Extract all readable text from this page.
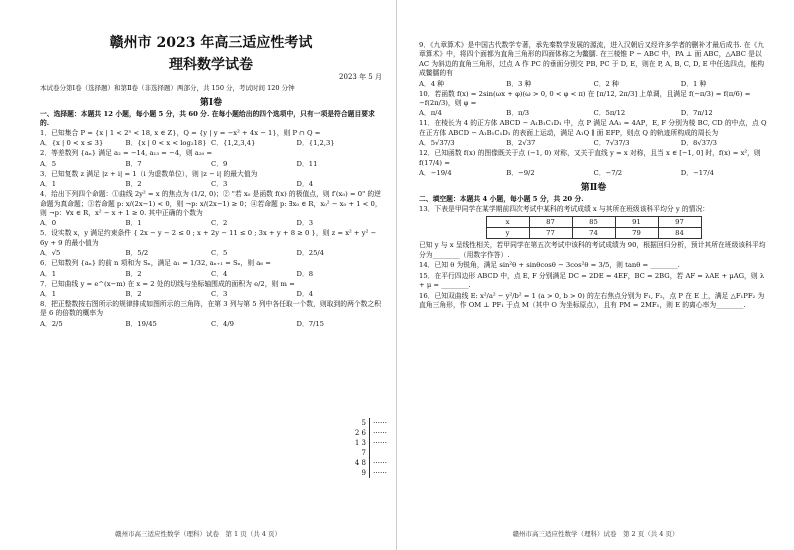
赣州市 2023 年高三适应性考试
理科数学试卷
2023 年 5 月
本试卷分第Ⅰ卷（选择题）和第Ⅱ卷（非选择题）两部分，共 150 分，考试时间 120 分钟
第Ⅰ卷
一、选择题：本题共 12 小题，每小题 5 分，共 60 分. 在每小题给出的四个选项中，只有一项是符合题目要求的.
1．已知集合 P = {x | 1 < 2ˣ < 18, x ∈ Z}，Q = {y | y = −x² + 4x − 1}，则 P ∩ Q =
A．{x | 0 < x ≤ 3}	B．{x | 0 < x < log₂18} C．{1,2,3,4}	D．{1,2,3}
2．等差数列 {aₙ} 满足 a₂ = −14, a₁₃ = −4，则 a₂₀ =
A．5	B．7	C．9	D．11
3．已知复数 z 满足 |z + i| = 1（i 为虚数单位），则 |z − i| 的最大值为
A．1	B．2	C．3	D．4
4．给出下列四个命题：①曲线 2y² = x 的焦点为 (1/2, 0)；② "若 x₀ 是函数 f(x) 的极值点，则 f′(x₀) = 0" 的逆命题为真命题；③若命题 p: x/(2x−1) < 0，则 ¬p: x/(2x−1) ≥ 0；④若命题 p: ∃x₀ ∈ R，x₀² − x₀ + 1 < 0，则 ¬p：∀x ∈ R，x² − x + 1 ≥ 0. 其中正确的个数为
A．0	B．1	C．2	D．3
5．设实数 x，y 满足约束条件 { 2x − y − 2 ≤ 0 ; x + 2y − 11 ≤ 0 ; 3x + y + 8 ≥ 0 }，则 z = x² + y² − 6y + 9 的最小值为
A．√5	B．5/2	C．5	D．25/4
6．已知数列 {aₙ} 的前 n 项和为 Sₙ，满足 a₁ = 1/32, aₙ₊₁ = Sₙ，则 a₆ =
A．1	B．2	C．4	D．8
7．已知曲线 y = e^(x−m) 在 x = 2 处的切线与坐标轴围成的面积为 e/2，则 m =
A．1	B．2	C．3	D．4
8．把正整数按右图所示的规律排成如图所示的三角阵，在第 3 列与第 5 列中各任取一个数，则取到的两个数之积是 6 的倍数的概率为
A．2/5	B．19/45	C．4/9	D．7/15
赣州市高三适应性数学（理科）试卷　第 1 页（共 4 页）
5	⋯⋯
2 6	⋯⋯
1 3 7
⋯⋯
4 8	⋯⋯
9	⋯⋯
9．《九章算术》是中国古代数学专著，承先秦数学发展的源流，进入汉朝后又经许多学者的删补才最后成书. 在《九章算术》中，将四个面都为直角三角形的四面体称之为鳖臑. 在三棱锥 P − ABC 中，PA ⊥ 面 ABC，△ABC 是以 AC 为斜边的直角三角形，过点 A 作 PC 的垂面分别交 PB, PC 于 D, E，则在 P, A, B, C, D, E 中任选四点，能构成鳖臑的有
A．4 种	B．3 种	C．2 种	D．1 种
10．若函数 f(x) = 2sin(ωx + φ)(ω > 0, 0 < φ < π) 在 [π/12, 2π/3] 上单调，且满足 f(−π/3) = f(π/6) = −f(2π/3)，则 φ =
A．π/4	B．π/3	C．5π/12	D．7π/12
11．在棱长为 4 的正方体 ABCD − A₁B₁C₁D₁ 中，点 P 满足 AA₁ = 4AP，E, F 分别为棱 BC, CD 的中点，点 Q 在正方体 ABCD − A₁B₁C₁D₁ 的表面上运动，满足 A₁Q ∥ 面 EFP，则点 Q 的轨迹所构成的周长为
A．5√37/3	B．2√37	C．7√37/3	D．8√37/3
12．已知函数 f(x) 的图像既关于点 (−1, 0) 对称，又关于直线 y = x 对称，且当 x ∈ [−1, 0] 时，f(x) = x²，则 f(17/4) =
A．−19/4	B．−9/2	C．−7/2	D．−17/4
第Ⅱ卷
二、填空题：本题共 4 小题，每小题 5 分，共 20 分.
13．下表是甲同学在某学期前四次考试中某科的考试成绩 x 与其所在班级该科平均分 y 的情况：
x	87	85	91	97
y	77	74	79	84
已知 y 与 x 呈线性相关，若甲同学在第五次考试中该科的考试成绩为 90，根据回归分析，预计其所在班级该科平均分为________（用数字作答）.
14．已知 θ 为锐角，满足 sin²θ + sinθcosθ − 3cos²θ = 3/5，则 tanθ = ________.
15．在平行四边形 ABCD 中，点 E, F 分别满足 DC = 2DE = 4EF，BC = 2BG，若 AF = λAE + μAG，则 λ + μ = ________.
16．已知双曲线 E: x²/a² − y²/b² = 1 (a > 0, b > 0) 的左右焦点分别为 F₁, F₂，点 P 在 E 上，满足 △F₁PF₂ 为直角三角形，作 OM ⊥ PF₁ 于点 M（其中 O 为坐标原点），且有 PM = 2MF₁，则 E 的离心率为________.
赣州市高三适应性数学（理科）试卷　第 2 页（共 4 页）
